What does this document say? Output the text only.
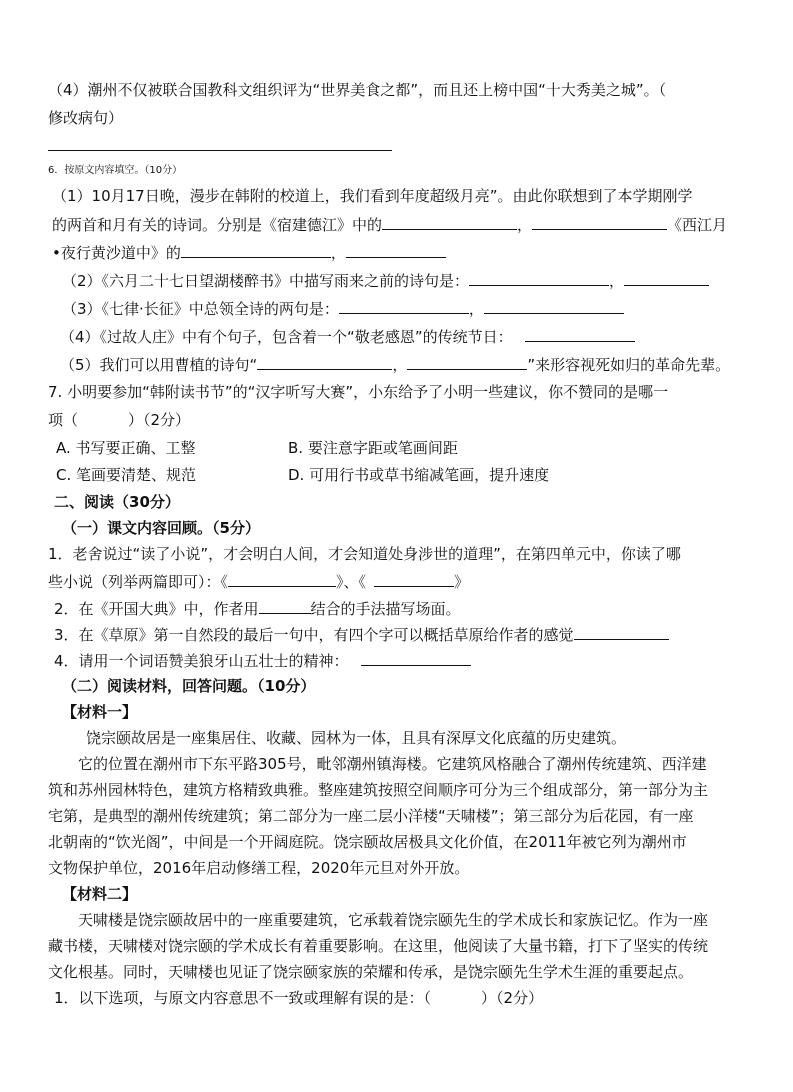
（4）潮州不仅被联合国教科文组织评为“世界美食之都”，而且还上榜中国“十大秀美之城”。（
修改病句）
6．按原文内容填空。（10分）
（1）10月17日晚，漫步在韩附的校道上，我们看到年度超级月亮”。由此你联想到了本学期刚学
的两首和月有关的诗词。分别是《宿建德江》中的	，	《西江月
•夜行黄沙道中》的	，
（2）《六月二十七日望湖楼醉书》中描写雨来之前的诗句是：	，
（3）《七律·长征》中总领全诗的两句是：	，
（4）《过故人庄》中有个句子，包含着一个“敬老感恩”的传统节日：
（5）我们可以用曹植的诗句“	，	”来形容视死如归的革命先辈。
7. 小明要参加“韩附读书节”的“汉字听写大赛”，小东给予了小明一些建议，你不赞同的是哪一
项（	）（2分）
A. 书写要正确、工整	B. 要注意字距或笔画间距
C. 笔画要清楚、规范	D. 可用行书或草书缩减笔画，提升速度
二、阅读（30分）
（一）课文内容回顾。（5分）
1．老舍说过“读了小说”，才会明白人间，才会知道处身涉世的道理”，在第四单元中，你读了哪
些小说（列举两篇即可）：《	》、《	》
2．在《开国大典》中，作者用	结合的手法描写场面。
3．在《草原》第一自然段的最后一句中，有四个字可以概括草原给作者的感觉
4．请用一个词语赞美狼牙山五壮士的精神：
（二）阅读材料，回答问题。（10分）
【材料一】
饶宗颐故居是一座集居住、收藏、园林为一体，且具有深厚文化底蕴的历史建筑。
它的位置在潮州市下东平路305号，毗邻潮州镇海楼。它建筑风格融合了潮州传统建筑、西洋建
筑和苏州园林特色，建筑方格精致典雅。整座建筑按照空间顺序可分为三个组成部分，第一部分为主
宅第，是典型的潮州传统建筑；第二部分为一座二层小洋楼“天啸楼”；第三部分为后花园，有一座
北朝南的“饮光阁”，中间是一个开阔庭院。饶宗颐故居极具文化价值，在2011年被它列为潮州市
文物保护单位，2016年启动修缮工程，2020年元旦对外开放。
【材料二】
天啸楼是饶宗颐故居中的一座重要建筑，它承载着饶宗颐先生的学术成长和家族记忆。作为一座
藏书楼，天啸楼对饶宗颐的学术成长有着重要影响。在这里，他阅读了大量书籍，打下了坚实的传统
文化根基。同时，天啸楼也见证了饶宗颐家族的荣耀和传承，是饶宗颐先生学术生涯的重要起点。
1．以下选项，与原文内容意思不一致或理解有误的是：（	）（2分）
